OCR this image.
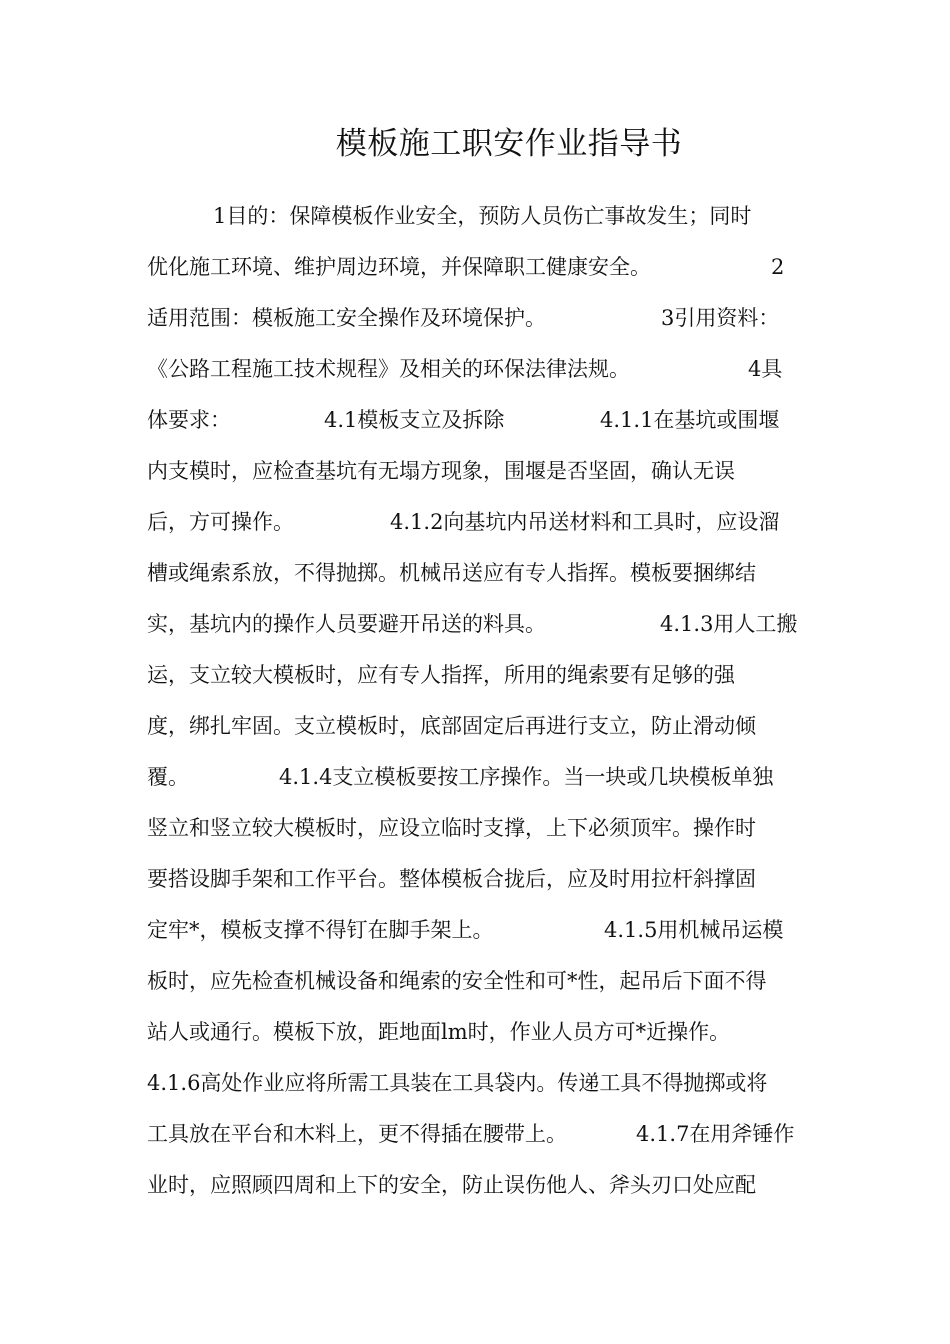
模板施工职安作业指导书
1目的：保障模板作业安全，预防人员伤亡事故发生；同时
优化施工环境、维护周边环境，并保障职工健康安全。	2
适用范围：模板施工安全操作及环境保护。	3引用资料：
《公路工程施工技术规程》及相关的环保法律法规。	4具
体要求：	4.1模板支立及拆除	4.1.1在基坑或围堰
内支模时，应检查基坑有无塌方现象，围堰是否坚固，确认无误
后，方可操作。	4.1.2向基坑内吊送材料和工具时，应设溜
槽或绳索系放，不得抛掷。机械吊送应有专人指挥。模板要捆绑结
实，基坑内的操作人员要避开吊送的料具。	4.1.3用人工搬
运，支立较大模板时，应有专人指挥，所用的绳索要有足够的强
度，绑扎牢固。支立模板时，底部固定后再进行支立，防止滑动倾
覆。	4.1.4支立模板要按工序操作。当一块或几块模板单独
竖立和竖立较大模板时，应设立临时支撑，上下必须顶牢。操作时
要搭设脚手架和工作平台。整体模板合拢后，应及时用拉杆斜撑固
定牢*，模板支撑不得钉在脚手架上。	4.1.5用机械吊运模
板时，应先检查机械设备和绳索的安全性和可*性，起吊后下面不得
站人或通行。模板下放，距地面lm时，作业人员方可*近操作。
4.1.6高处作业应将所需工具装在工具袋内。传递工具不得抛掷或将
工具放在平台和木料上，更不得插在腰带上。	4.1.7在用斧锤作
业时，应照顾四周和上下的安全，防止误伤他人、斧头刃口处应配
